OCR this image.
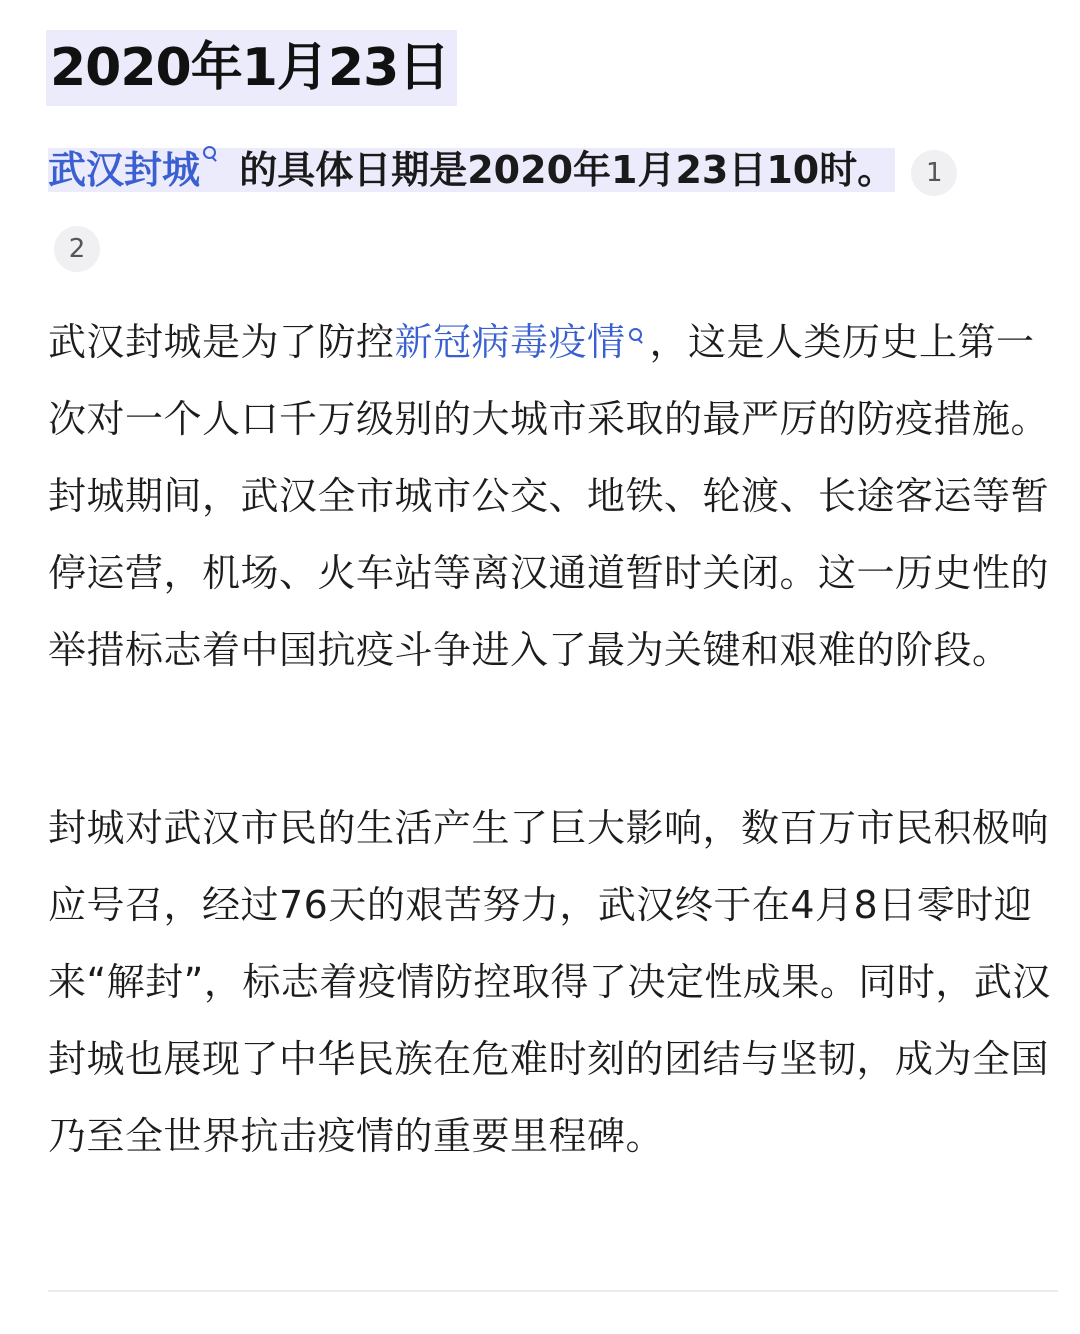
2020年1月23日
武汉封城 的具体日期是2020年1月23日10时。 1
2
武汉封城是为了防控新冠病毒疫情 ，这是人类历史上第一次对一个人口千万级别的大城市采取的最严厉的防疫措施。封城期间，武汉全市城市公交、地铁、轮渡、长途客运等暂停运营，机场、火车站等离汉通道暂时关闭。这一历史性的举措标志着中国抗疫斗争进入了最为关键和艰难的阶段。
封城对武汉市民的生活产生了巨大影响，数百万市民积极响应号召，经过76天的艰苦努力，武汉终于在4月8日零时迎来“解封”，标志着疫情防控取得了决定性成果。同时，武汉封城也展现了中华民族在危难时刻的团结与坚韧，成为全国乃至全世界抗击疫情的重要里程碑。
